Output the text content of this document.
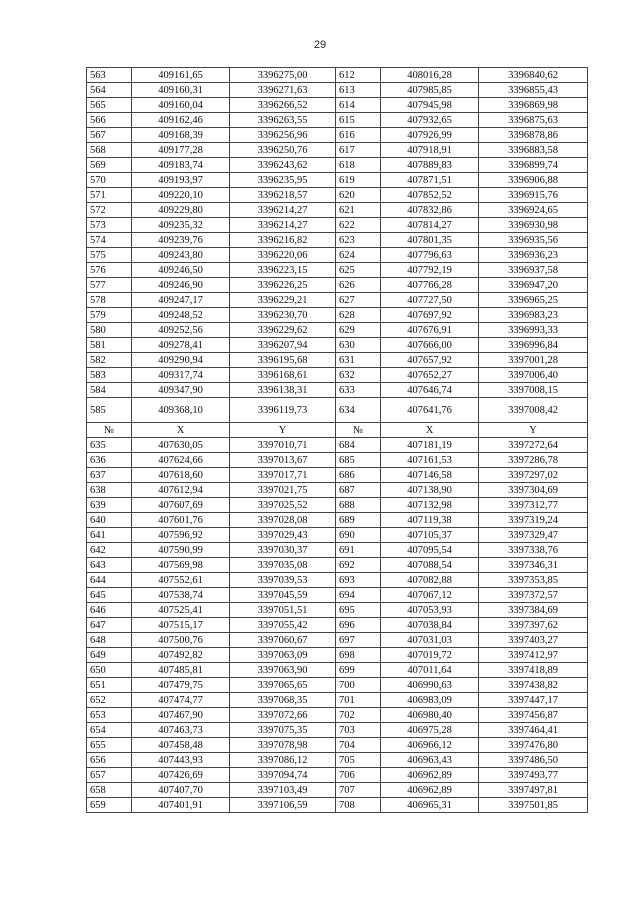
29
563	409161,65	3396275,00	612	408016,28	3396840,62
564	409160,31	3396271,63	613	407985,85	3396855,43
565	409160,04	3396266,52	614	407945,98	3396869,98
566	409162,46	3396263,55	615	407932,65	3396875,63
567	409168,39	3396256,96	616	407926,99	3396878,86
568	409177,28	3396250,76	617	407918,91	3396883,58
569	409183,74	3396243,62	618	407889,83	3396899,74
570	409193,97	3396235,95	619	407871,51	3396906,88
571	409220,10	3396218,57	620	407852,52	3396915,76
572	409229,80	3396214,27	621	407832,86	3396924,65
573	409235,32	3396214,27	622	407814,27	3396930,98
574	409239,76	3396216,82	623	407801,35	3396935,56
575	409243,80	3396220,06	624	407796,63	3396936,23
576	409246,50	3396223,15	625	407792,19	3396937,58
577	409246,90	3396226,25	626	407766,28	3396947,20
578	409247,17	3396229,21	627	407727,50	3396965,25
579	409248,52	3396230,70	628	407697,92	3396983,23
580	409252,56	3396229,62	629	407676,91	3396993,33
581	409278,41	3396207,94	630	407666,00	3396996,84
582	409290,94	3396195,68	631	407657,92	3397001,28
583	409317,74	3396168,61	632	407652,27	3397006,40
584	409347,90	3396138,31	633	407646,74	3397008,15
585	409368,10	3396119,73	634	407641,76	3397008,42
№	X	Y	№	X	Y
635	407630,05	3397010,71	684	407181,19	3397272,64
636	407624,66	3397013,67	685	407161,53	3397286,78
637	407618,60	3397017,71	686	407146,58	3397297,02
638	407612,94	3397021,75	687	407138,90	3397304,69
639	407607,69	3397025,52	688	407132,98	3397312,77
640	407601,76	3397028,08	689	407119,38	3397319,24
641	407596,92	3397029,43	690	407105,37	3397329,47
642	407590,99	3397030,37	691	407095,54	3397338,76
643	407569,98	3397035,08	692	407088,54	3397346,31
644	407552,61	3397039,53	693	407082,88	3397353,85
645	407538,74	3397045,59	694	407067,12	3397372,57
646	407525,41	3397051,51	695	407053,93	3397384,69
647	407515,17	3397055,42	696	407038,84	3397397,62
648	407500,76	3397060,67	697	407031,03	3397403,27
649	407492,82	3397063,09	698	407019,72	3397412,97
650	407485,81	3397063,90	699	407011,64	3397418,89
651	407479,75	3397065,65	700	406990,63	3397438,82
652	407474,77	3397068,35	701	406983,09	3397447,17
653	407467,90	3397072,66	702	406980,40	3397456,87
654	407463,73	3397075,35	703	406975,28	3397464,41
655	407458,48	3397078,98	704	406966,12	3397476,80
656	407443,93	3397086,12	705	406963,43	3397486,50
657	407426,69	3397094,74	706	406962,89	3397493,77
658	407407,70	3397103,49	707	406962,89	3397497,81
659	407401,91	3397106,59	708	406965,31	3397501,85
